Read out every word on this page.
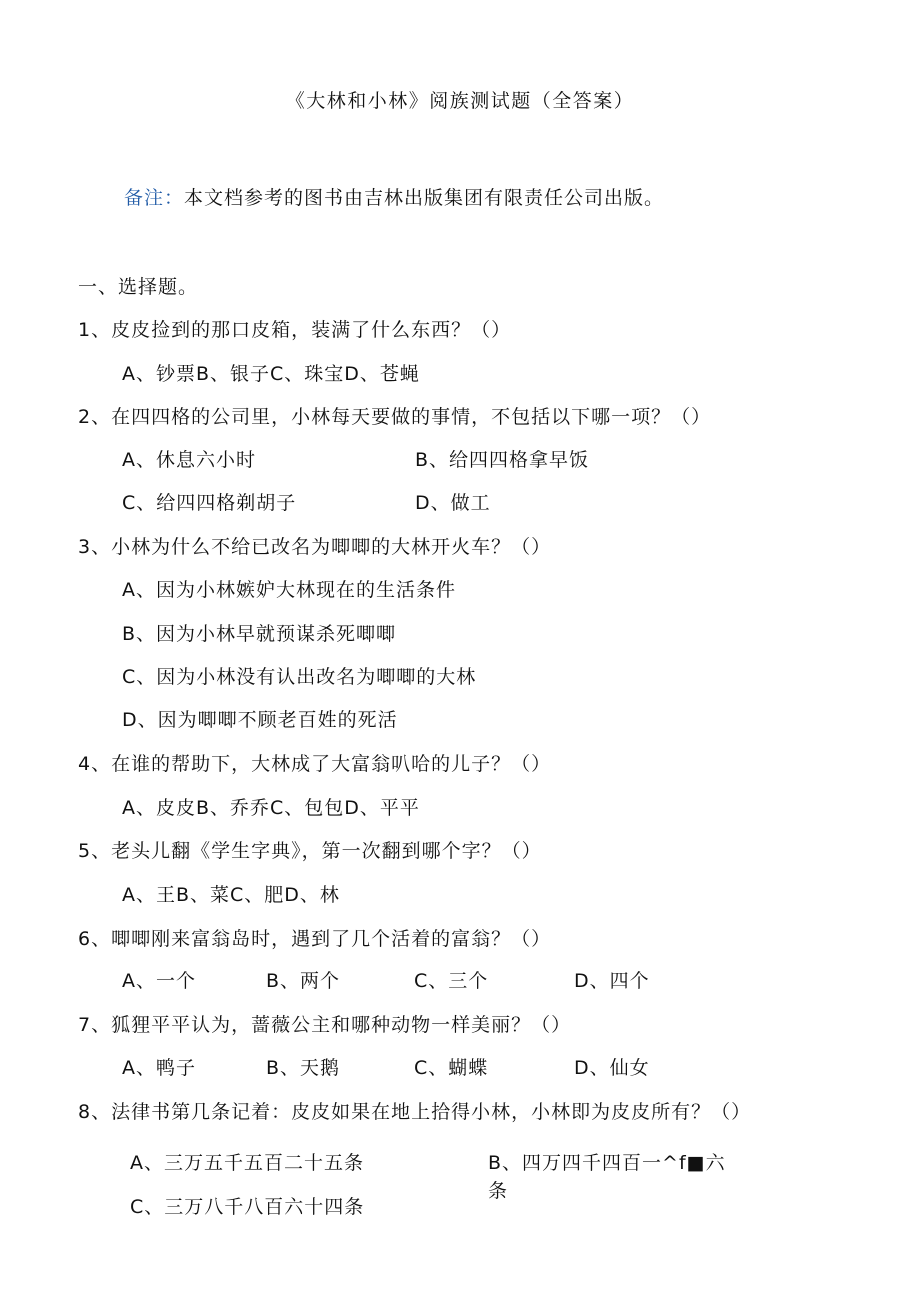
《大林和小林》阅族测试题（全答案）
备注：本文档参考的图书由吉林出版集团有限责任公司出版。
一、选择题。
1、皮皮捡到的那口皮箱，装满了什么东西？（）
A、钞票B、银子C、珠宝D、苍蝇
2、在四四格的公司里，小林每天要做的事情，不包括以下哪一项？（）
A、休息六小时	B、给四四格拿早饭
C、给四四格剃胡子	D、做工
3、小林为什么不给已改名为唧唧的大林开火车？（）
A、因为小林嫉妒大林现在的生活条件
B、因为小林早就预谋杀死唧唧
C、因为小林没有认出改名为唧唧的大林
D、因为唧唧不顾老百姓的死活
4、在谁的帮助下，大林成了大富翁叭哈的儿子？（）
A、皮皮B、乔乔C、包包D、平平
5、老头儿翻《学生字典》，第一次翻到哪个字？（）
A、王B、菜C、肥D、林
6、唧唧刚来富翁岛时，遇到了几个活着的富翁？（）
A、一个	B、两个	C、三个	D、四个
7、狐狸平平认为，蔷薇公主和哪种动物一样美丽？（）
A、鸭子	B、天鹅	C、蝴蝶	D、仙女
8、法律书第几条记着：皮皮如果在地上拾得小林，小林即为皮皮所有？（）
A、三万五千五百二十五条	B、四万四千四百一^f■六
条
C、三万八千八百六十四条
